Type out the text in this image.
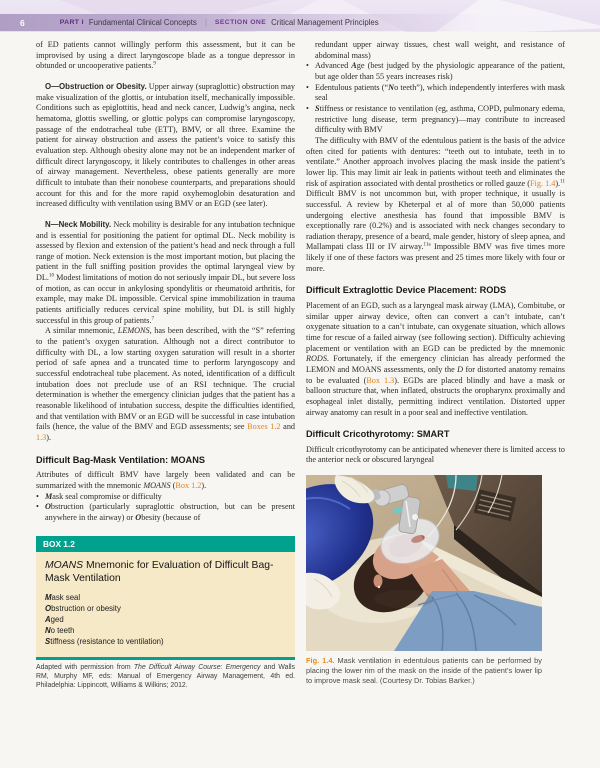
6	PART I Fundamental Clinical Concepts | SECTION ONE Critical Management Principles

of ED patients cannot willingly perform this assessment, but it can be improvised by using a direct laryngoscope blade as a tongue depressor in obtunded or uncooperative patients.$^9$

O—Obstruction or Obesity. Upper airway (supraglottic) obstruction may make visualization of the glottis, or intubation itself, mechanically impossible. Conditions such as epiglottitis, head and neck cancer, Ludwig’s angina, neck hematoma, glottis swelling, or glottic polyps can compromise laryngoscopy, passage of the endotracheal tube (ETT), BMV, or all three. Examine the patient for airway obstruction and assess the patient’s voice to satisfy this evaluation step. Although obesity alone may not be an independent marker of difficult direct laryngoscopy, it likely contributes to challenges in other areas of airway management. Nevertheless, obese patients generally are more difficult to intubate than their nonobese counterparts, and preparations should account for this and for the more rapid oxyhemoglobin desaturation and increased difficulty with ventilation using BMV or an EGD (see later).

N—Neck Mobility. Neck mobility is desirable for any intubation technique and is essential for positioning the patient for optimal DL. Neck mobility is assessed by flexion and extension of the patient’s head and neck through a full range of motion. Neck extension is the most important motion, but placing the patient in the full sniffing position provides the optimal laryngeal view by DL.$^{10}$ Modest limitations of motion do not seriously impair DL, but severe loss of motion, as can occur in ankylosing spondylitis or rheumatoid arthritis, for example, may make DL impossible. Cervical spine immobilization in trauma patients artificially reduces cervical spine mobility, but DL is still highly successful in this group of patients.$^7$

A similar mnemonic, LEMONS, has been described, with the “S” referring to the patient’s oxygen saturation. Although not a direct contributor to difficulty with DL, a low starting oxygen saturation will result in a shorter period of safe apnea and a truncated time to perform laryngoscopy and successful endotracheal tube placement. As noted, identification of a difficult intubation does not preclude use of an RSI technique. The crucial determination is whether the emergency clinician judges that the patient has a reasonable likelihood of intubation success, despite the difficulties identified, and that ventilation with BMV or an EGD will be successful in case intubation fails (hence, the value of the BMV and EGD assessments; see Boxes 1.2 and 1.3).

Difficult Bag-Mask Ventilation: MOANS

Attributes of difficult BMV have largely been validated and can be summarized with the mnemonic MOANS (Box 1.2).

• Mask seal compromise or difficulty
• Obstruction (particularly supraglottic obstruction, but can be present anywhere in the airway) or Obesity (because of
BOX 1.2
MOANS Mnemonic for Evaluation of Difficult Bag-Mask Ventilation
Mask seal
Obstruction or obesity
Aged
No teeth
Stiffness (resistance to ventilation)
Adapted with permission from The Difficult Airway Course: Emergency and Walls RM, Murphy MF, eds: Manual of Emergency Airway Management, 4th ed. Philadelphia: Lippincott, Williams & Wilkins; 2012.
redundant upper airway tissues, chest wall weight, and resistance of abdominal mass)
• Advanced Age (best judged by the physiologic appearance of the patient, but age older than 55 years increases risk)
• Edentulous patients (“No teeth”), which independently interferes with mask seal
• Stiffness or resistance to ventilation (eg, asthma, COPD, pulmonary edema, restrictive lung disease, term pregnancy)—may contribute to increased difficulty with BMV

The difficulty with BMV of the edentulous patient is the basis of the advice often cited for patients with dentures: “teeth out to intubate, teeth in to ventilate.” Another approach involves placing the mask inside the patient’s lower lip. This may limit air leak in patients without teeth and eliminates the risk of aspiration associated with dental prosthetics or rolled gauze (Fig. 1.4).$^{11}$ Difficult BMV is not uncommon but, with proper technique, it usually is successful. A review by Kheterpal et al of more than 50,000 patients undergoing elective anesthesia has found that impossible BMV is exceptionally rare (0.2%) and is associated with neck changes secondary to radiation therapy, presence of a beard, male gender, history of sleep apnea, and Mallampati class III or IV airway.$^{11a}$ Impossible BMV was five times more likely if one of these factors was present and 25 times more likely with four or more.

Difficult Extraglottic Device Placement: RODS

Placement of an EGD, such as a laryngeal mask airway (LMA), Combitube, or similar upper airway device, often can convert a can’t intubate, can’t oxygenate situation to a can’t intubate, can oxygenate situation, which allows time for rescue of a failed airway (see following section). Difficulty achieving placement or ventilation with an EGD can be predicted by the mnemonic RODS. Fortunately, if the emergency clinician has already performed the LEMON and MOANS assessments, only the D for distorted anatomy remains to be evaluated (Box 1.3). EGDs are placed blindly and have a mask or balloon structure that, when inflated, obstructs the oropharynx proximally and esophageal inlet distally, permitting indirect ventilation. Distorted upper airway anatomy can result in a poor seal and ineffective ventilation.

Difficult Cricothyrotomy: SMART

Difficult cricothyrotomy can be anticipated whenever there is limited access to the anterior neck or obscured laryngeal

Fig. 1.4. Mask ventilation in edentulous patients can be performed by placing the lower rim of the mask on the inside of the patient’s lower lip to improve mask seal. (Courtesy Dr. Tobias Barker.)
